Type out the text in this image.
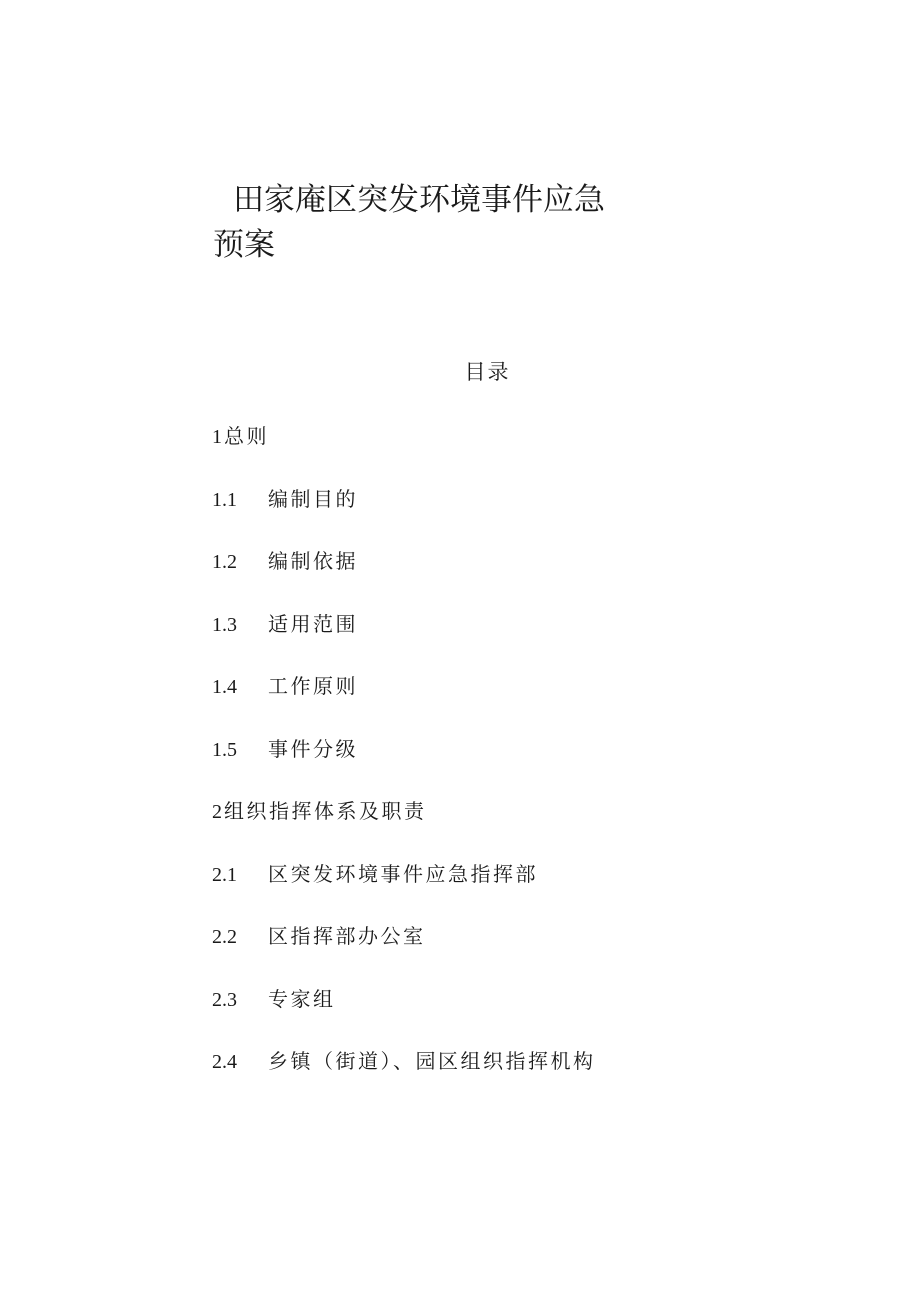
田家庵区突发环境事件应急预案
目录
1 总则
1.1 编制目的
1.2 编制依据
1.3 适用范围
1.4 工作原则
1.5 事件分级
2 组织指挥体系及职责
2.1 区突发环境事件应急指挥部
2.2 区指挥部办公室
2.3 专家组
2.4 乡镇（街道）、园区组织指挥机构
